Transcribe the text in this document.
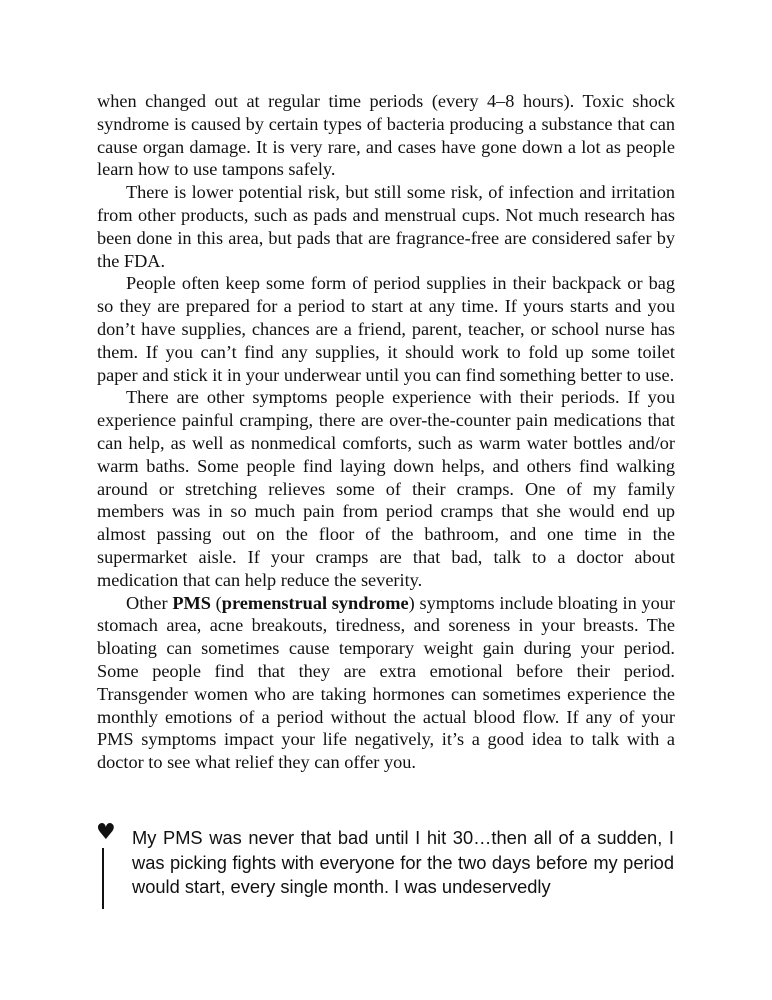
when changed out at regular time periods (every 4–8 hours). Toxic shock syndrome is caused by certain types of bacteria producing a substance that can cause organ damage. It is very rare, and cases have gone down a lot as people learn how to use tampons safely.

There is lower potential risk, but still some risk, of infection and irritation from other products, such as pads and menstrual cups. Not much research has been done in this area, but pads that are fragrance-free are considered safer by the FDA.

People often keep some form of period supplies in their backpack or bag so they are prepared for a period to start at any time. If yours starts and you don’t have supplies, chances are a friend, parent, teacher, or school nurse has them. If you can’t find any supplies, it should work to fold up some toilet paper and stick it in your underwear until you can find something better to use.

There are other symptoms people experience with their periods. If you experience painful cramping, there are over-the-counter pain medications that can help, as well as nonmedical comforts, such as warm water bottles and/or warm baths. Some people find laying down helps, and others find walking around or stretching relieves some of their cramps. One of my family members was in so much pain from period cramps that she would end up almost passing out on the floor of the bathroom, and one time in the supermarket aisle. If your cramps are that bad, talk to a doctor about medication that can help reduce the severity.

Other PMS (premenstrual syndrome) symptoms include bloating in your stomach area, acne breakouts, tiredness, and soreness in your breasts. The bloating can sometimes cause temporary weight gain during your period. Some people find that they are extra emotional before their period. Transgender women who are taking hormones can sometimes experience the monthly emotions of a period without the actual blood flow. If any of your PMS symptoms impact your life negatively, it’s a good idea to talk with a doctor to see what relief they can offer you.

♥ My PMS was never that bad until I hit 30…then all of a sudden, I was picking fights with everyone for the two days before my period would start, every single month. I was undeservedly
